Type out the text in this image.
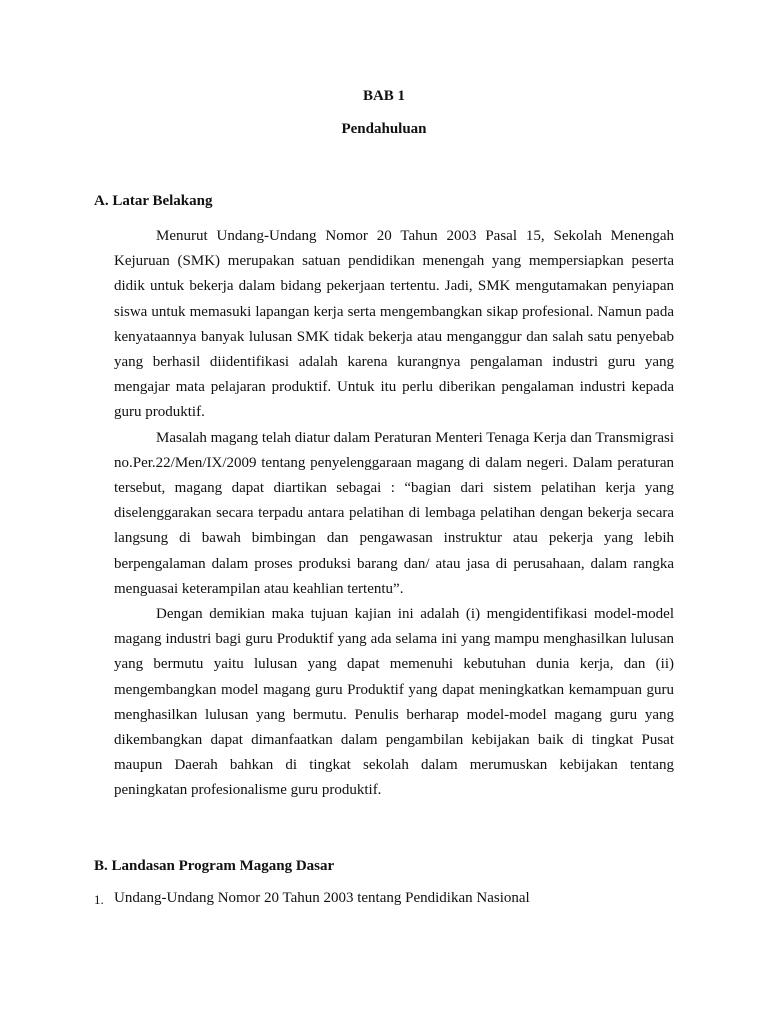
BAB 1
Pendahuluan
A. Latar Belakang

Menurut Undang-Undang Nomor 20 Tahun 2003 Pasal 15, Sekolah Menengah Kejuruan (SMK) merupakan satuan pendidikan menengah yang mempersiapkan peserta didik untuk bekerja dalam bidang pekerjaan tertentu. Jadi, SMK mengutamakan penyiapan siswa untuk memasuki lapangan kerja serta mengembangkan sikap profesional. Namun pada kenyataannya banyak lulusan SMK tidak bekerja atau menganggur dan salah satu penyebab yang berhasil diidentifikasi adalah karena kurangnya pengalaman industri guru yang mengajar mata pelajaran produktif. Untuk itu perlu diberikan pengalaman industri kepada guru produktif.

Masalah magang telah diatur dalam Peraturan Menteri Tenaga Kerja dan Transmigrasi no.Per.22/Men/IX/2009 tentang penyelenggaraan magang di dalam negeri. Dalam peraturan tersebut, magang dapat diartikan sebagai : “bagian dari sistem pelatihan kerja yang diselenggarakan secara terpadu antara pelatihan di lembaga pelatihan dengan bekerja secara langsung di bawah bimbingan dan pengawasan instruktur atau pekerja yang lebih berpengalaman dalam proses produksi barang dan/ atau jasa di perusahaan, dalam rangka menguasai keterampilan atau keahlian tertentu”.

Dengan demikian maka tujuan kajian ini adalah (i) mengidentifikasi model-model magang industri bagi guru Produktif yang ada selama ini yang mampu menghasilkan lulusan yang bermutu yaitu lulusan yang dapat memenuhi kebutuhan dunia kerja, dan (ii) mengembangkan model magang guru Produktif yang dapat meningkatkan kemampuan guru menghasilkan lulusan yang bermutu. Penulis berharap model-model magang guru yang dikembangkan dapat dimanfaatkan dalam pengambilan kebijakan baik di tingkat Pusat maupun Daerah bahkan di tingkat sekolah dalam merumuskan kebijakan tentang peningkatan profesionalisme guru produktif.

B. Landasan Program Magang Dasar
1. Undang-Undang Nomor 20 Tahun 2003 tentang Pendidikan Nasional
